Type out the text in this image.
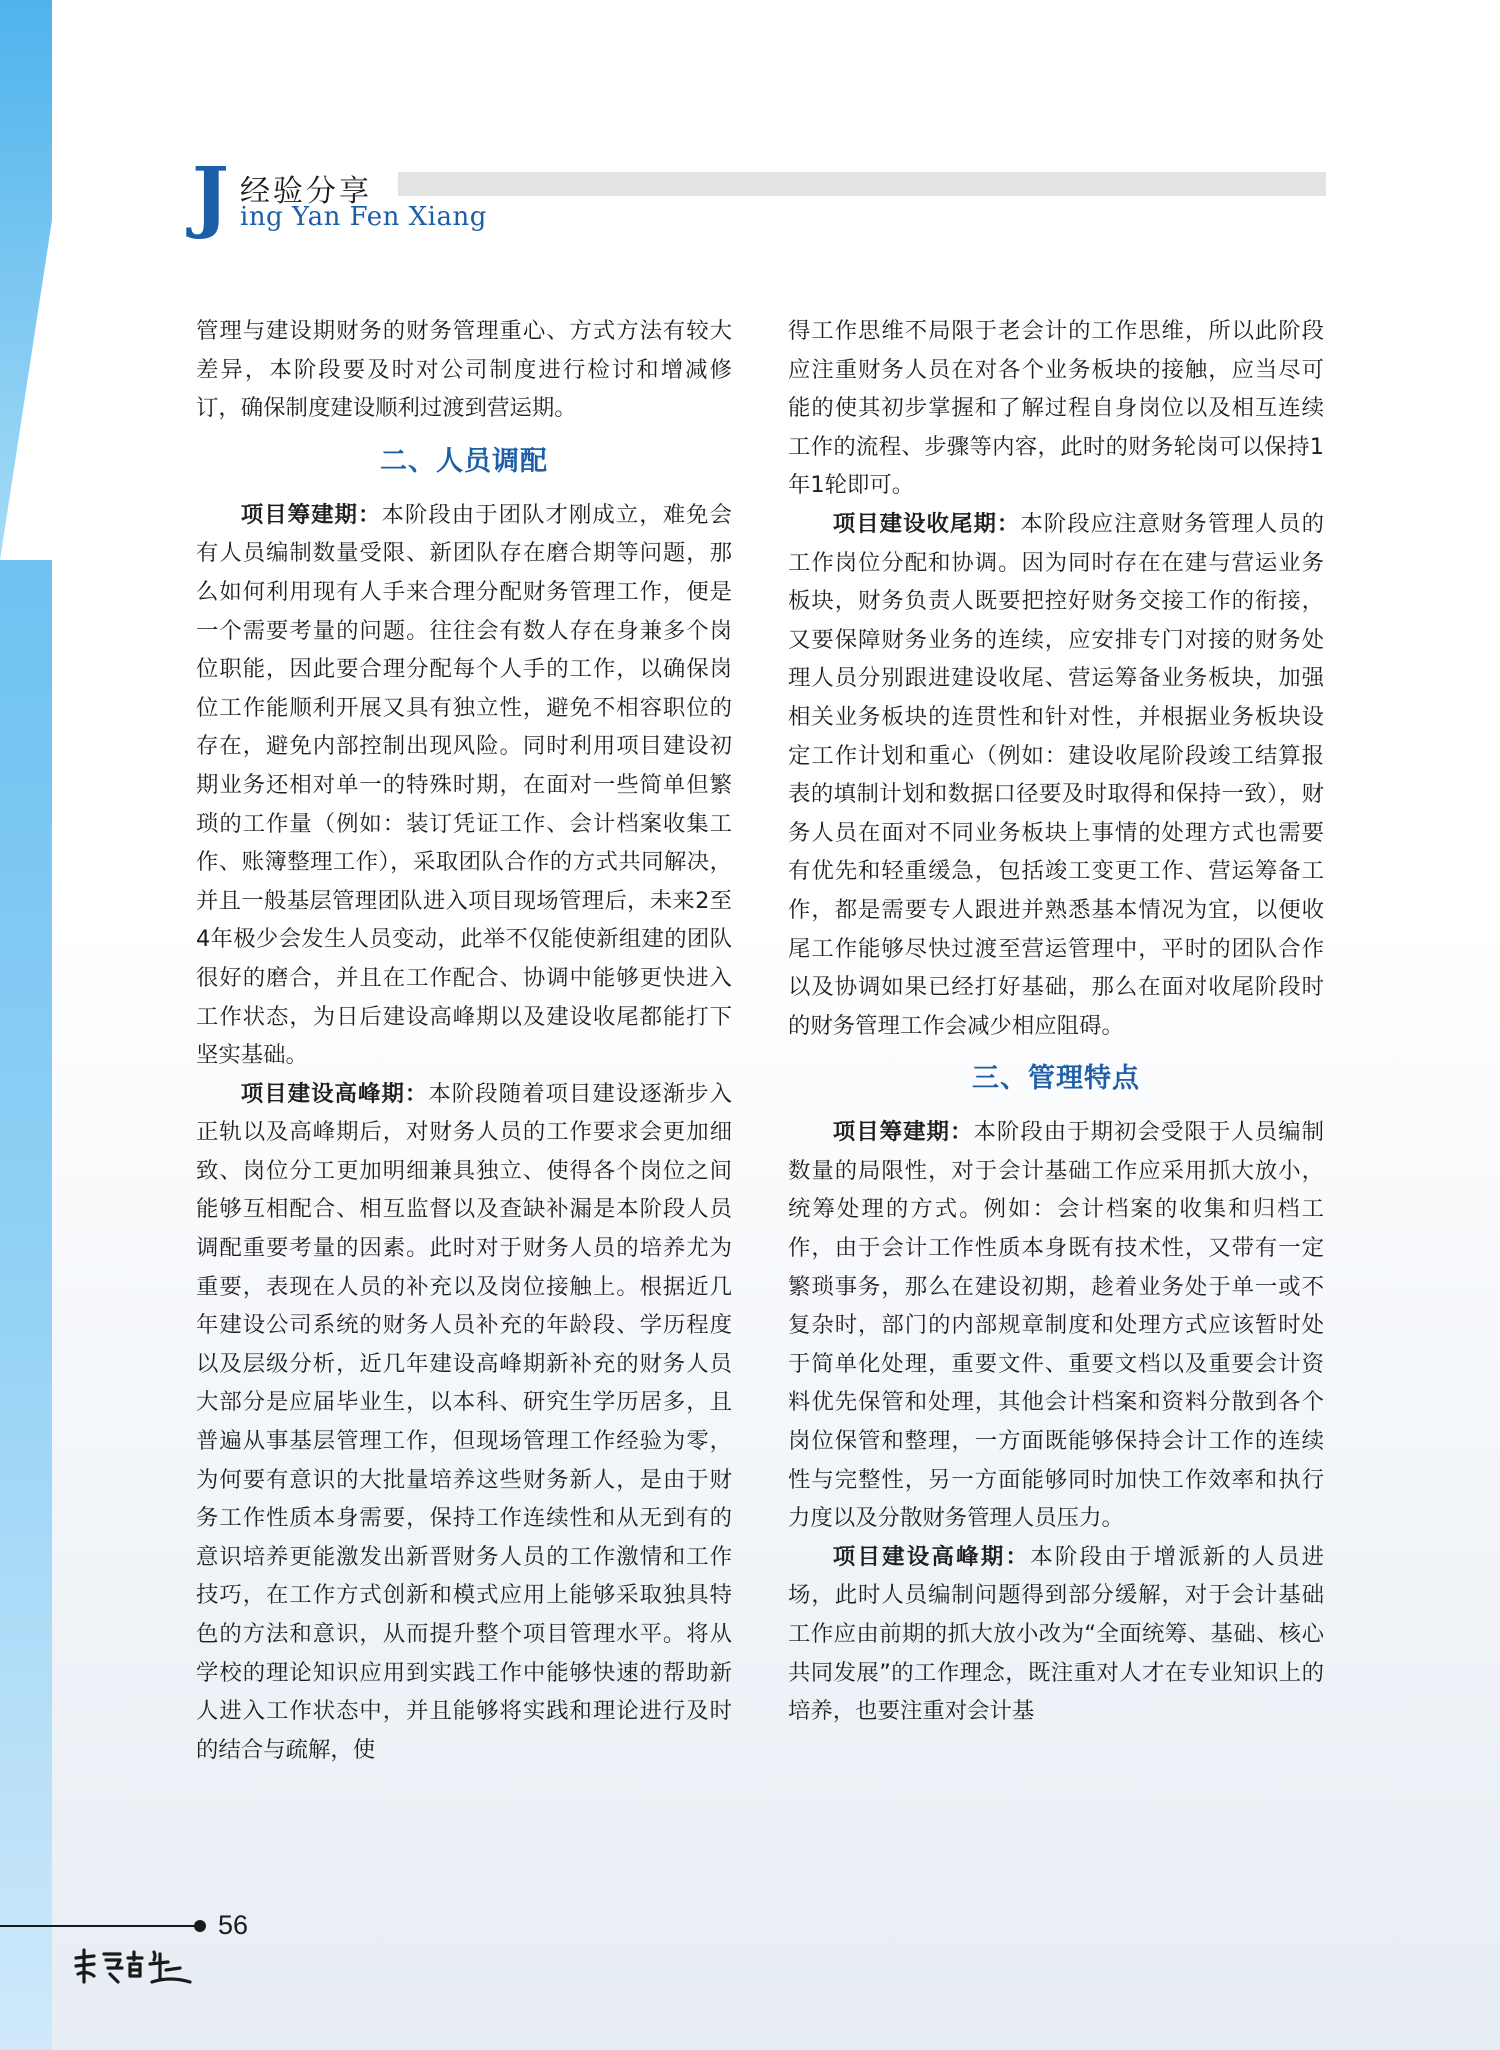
J 经验分享
ing Yan Fen Xiang

管理与建设期财务的财务管理重心、方式方法有较大差异，本阶段要及时对公司制度进行检讨和增减修订，确保制度建设顺利过渡到营运期。

二、人员调配

项目筹建期：本阶段由于团队才刚成立，难免会有人员编制数量受限、新团队存在磨合期等问题，那么如何利用现有人手来合理分配财务管理工作，便是一个需要考量的问题。往往会有数人存在身兼多个岗位职能，因此要合理分配每个人手的工作，以确保岗位工作能顺利开展又具有独立性，避免不相容职位的存在，避免内部控制出现风险。同时利用项目建设初期业务还相对单一的特殊时期，在面对一些简单但繁琐的工作量（例如：装订凭证工作、会计档案收集工作、账簿整理工作），采取团队合作的方式共同解决，并且一般基层管理团队进入项目现场管理后，未来2至4年极少会发生人员变动，此举不仅能使新组建的团队很好的磨合，并且在工作配合、协调中能够更快进入工作状态，为日后建设高峰期以及建设收尾都能打下坚实基础。

项目建设高峰期：本阶段随着项目建设逐渐步入正轨以及高峰期后，对财务人员的工作要求会更加细致、岗位分工更加明细兼具独立、使得各个岗位之间能够互相配合、相互监督以及查缺补漏是本阶段人员调配重要考量的因素。此时对于财务人员的培养尤为重要，表现在人员的补充以及岗位接触上。根据近几年建设公司系统的财务人员补充的年龄段、学历程度以及层级分析，近几年建设高峰期新补充的财务人员大部分是应届毕业生，以本科、研究生学历居多，且普遍从事基层管理工作，但现场管理工作经验为零，为何要有意识的大批量培养这些财务新人，是由于财务工作性质本身需要，保持工作连续性和从无到有的意识培养更能激发出新晋财务人员的工作激情和工作技巧，在工作方式创新和模式应用上能够采取独具特色的方法和意识，从而提升整个项目管理水平。将从学校的理论知识应用到实践工作中能够快速的帮助新人进入工作状态中，并且能够将实践和理论进行及时的结合与疏解，使

得工作思维不局限于老会计的工作思维，所以此阶段应注重财务人员在对各个业务板块的接触，应当尽可能的使其初步掌握和了解过程自身岗位以及相互连续工作的流程、步骤等内容，此时的财务轮岗可以保持1年1轮即可。

项目建设收尾期：本阶段应注意财务管理人员的工作岗位分配和协调。因为同时存在在建与营运业务板块，财务负责人既要把控好财务交接工作的衔接，又要保障财务业务的连续，应安排专门对接的财务处理人员分别跟进建设收尾、营运筹备业务板块，加强相关业务板块的连贯性和针对性，并根据业务板块设定工作计划和重心（例如：建设收尾阶段竣工结算报表的填制计划和数据口径要及时取得和保持一致），财务人员在面对不同业务板块上事情的处理方式也需要有优先和轻重缓急，包括竣工变更工作、营运筹备工作，都是需要专人跟进并熟悉基本情况为宜，以便收尾工作能够尽快过渡至营运管理中，平时的团队合作以及协调如果已经打好基础，那么在面对收尾阶段时的财务管理工作会减少相应阻碍。

三、管理特点

项目筹建期：本阶段由于期初会受限于人员编制数量的局限性，对于会计基础工作应采用抓大放小，统筹处理的方式。例如：会计档案的收集和归档工作，由于会计工作性质本身既有技术性，又带有一定繁琐事务，那么在建设初期，趁着业务处于单一或不复杂时，部门的内部规章制度和处理方式应该暂时处于简单化处理，重要文件、重要文档以及重要会计资料优先保管和处理，其他会计档案和资料分散到各个岗位保管和整理，一方面既能够保持会计工作的连续性与完整性，另一方面能够同时加快工作效率和执行力度以及分散财务管理人员压力。

项目建设高峰期：本阶段由于增派新的人员进场，此时人员编制问题得到部分缓解，对于会计基础工作应由前期的抓大放小改为“全面统筹、基础、核心共同发展”的工作理念，既注重对人才在专业知识上的培养，也要注重对会计基

56
